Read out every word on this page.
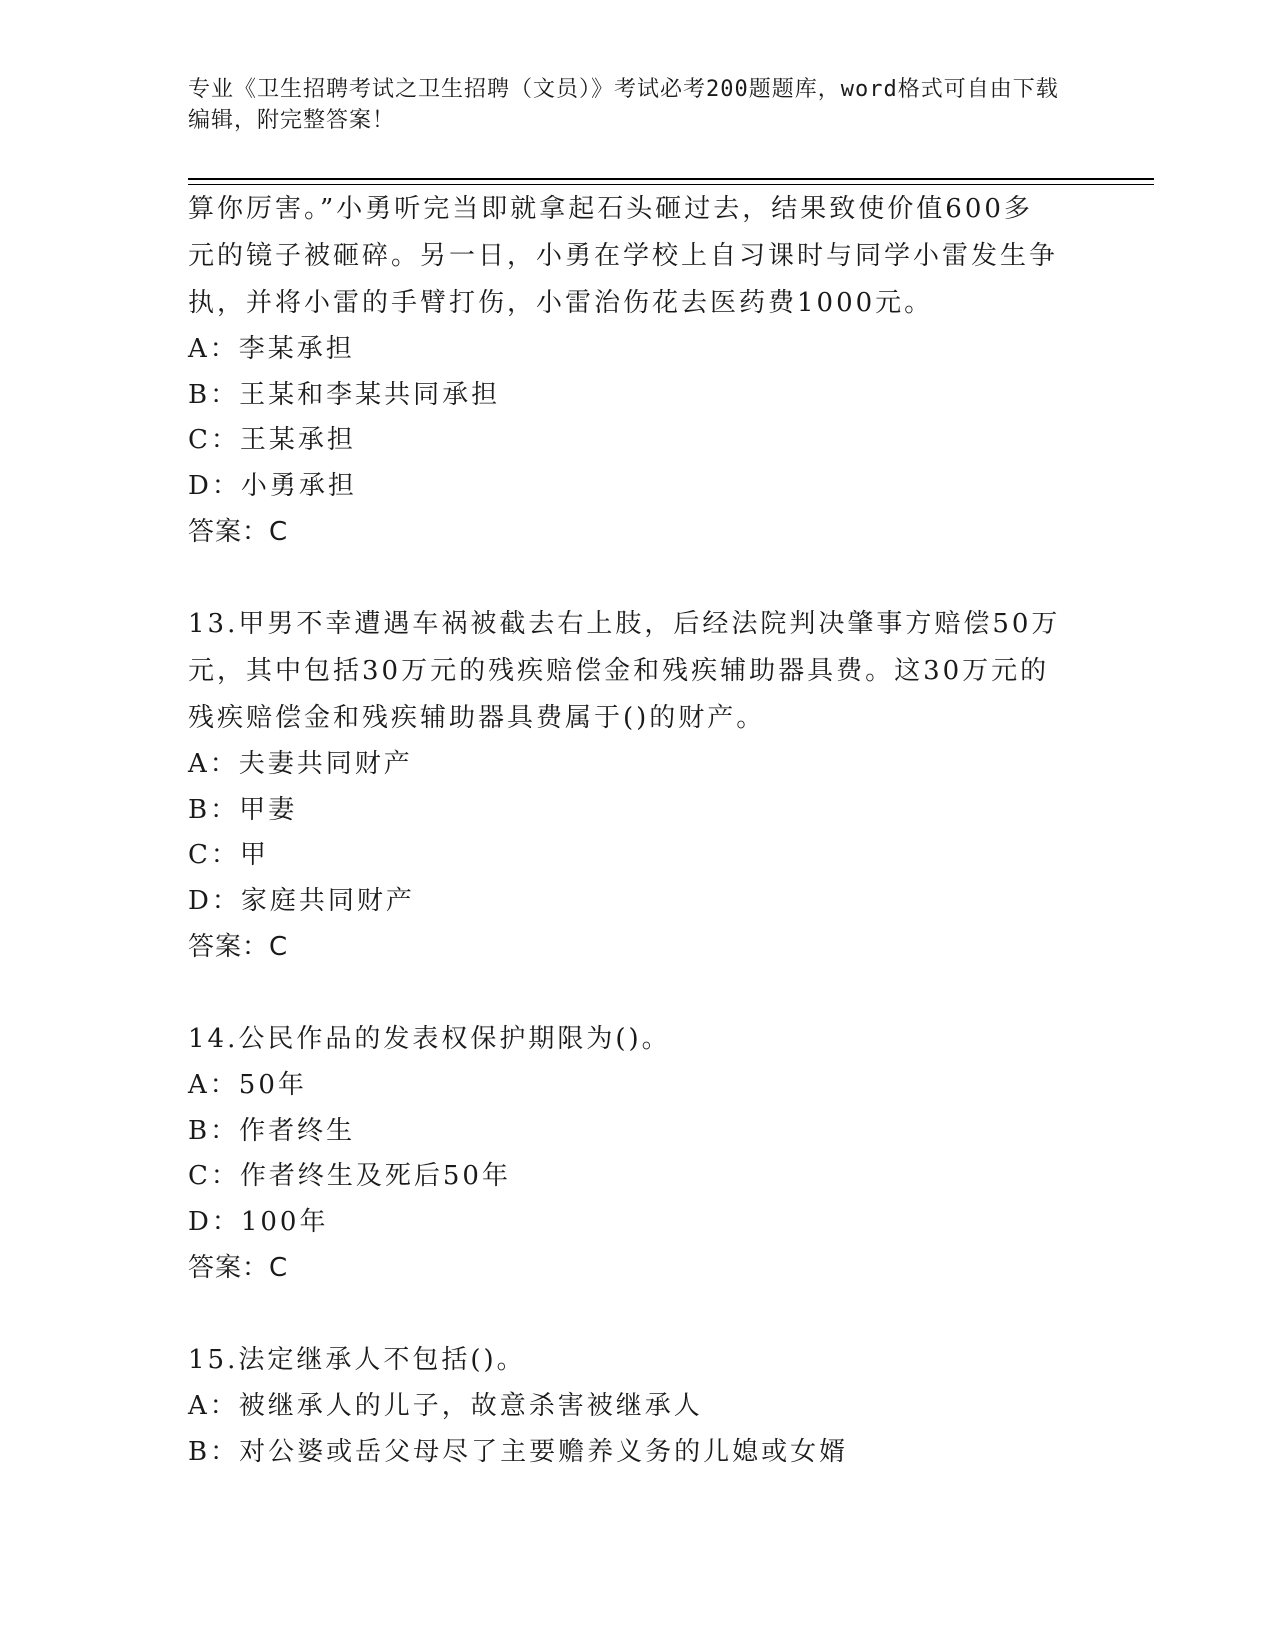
专业《卫生招聘考试之卫生招聘（文员）》考试必考200题题库，word格式可自由下载编辑，附完整答案！
算你厉害。”小勇听完当即就拿起石头砸过去，结果致使价值600多
元的镜子被砸碎。另一日，小勇在学校上自习课时与同学小雷发生争
执，并将小雷的手臂打伤，小雷治伤花去医药费1000元。
A：李某承担
B：王某和李某共同承担
C：王某承担
D：小勇承担
答案：C
13.甲男不幸遭遇车祸被截去右上肢，后经法院判决肇事方赔偿50万
元，其中包括30万元的残疾赔偿金和残疾辅助器具费。这30万元的
残疾赔偿金和残疾辅助器具费属于()的财产。
A：夫妻共同财产
B：甲妻
C：甲
D：家庭共同财产
答案：C
14.公民作品的发表权保护期限为()。
A：50年
B：作者终生
C：作者终生及死后50年
D：100年
答案：C
15.法定继承人不包括()。
A：被继承人的儿子，故意杀害被继承人
B：对公婆或岳父母尽了主要赡养义务的儿媳或女婿
